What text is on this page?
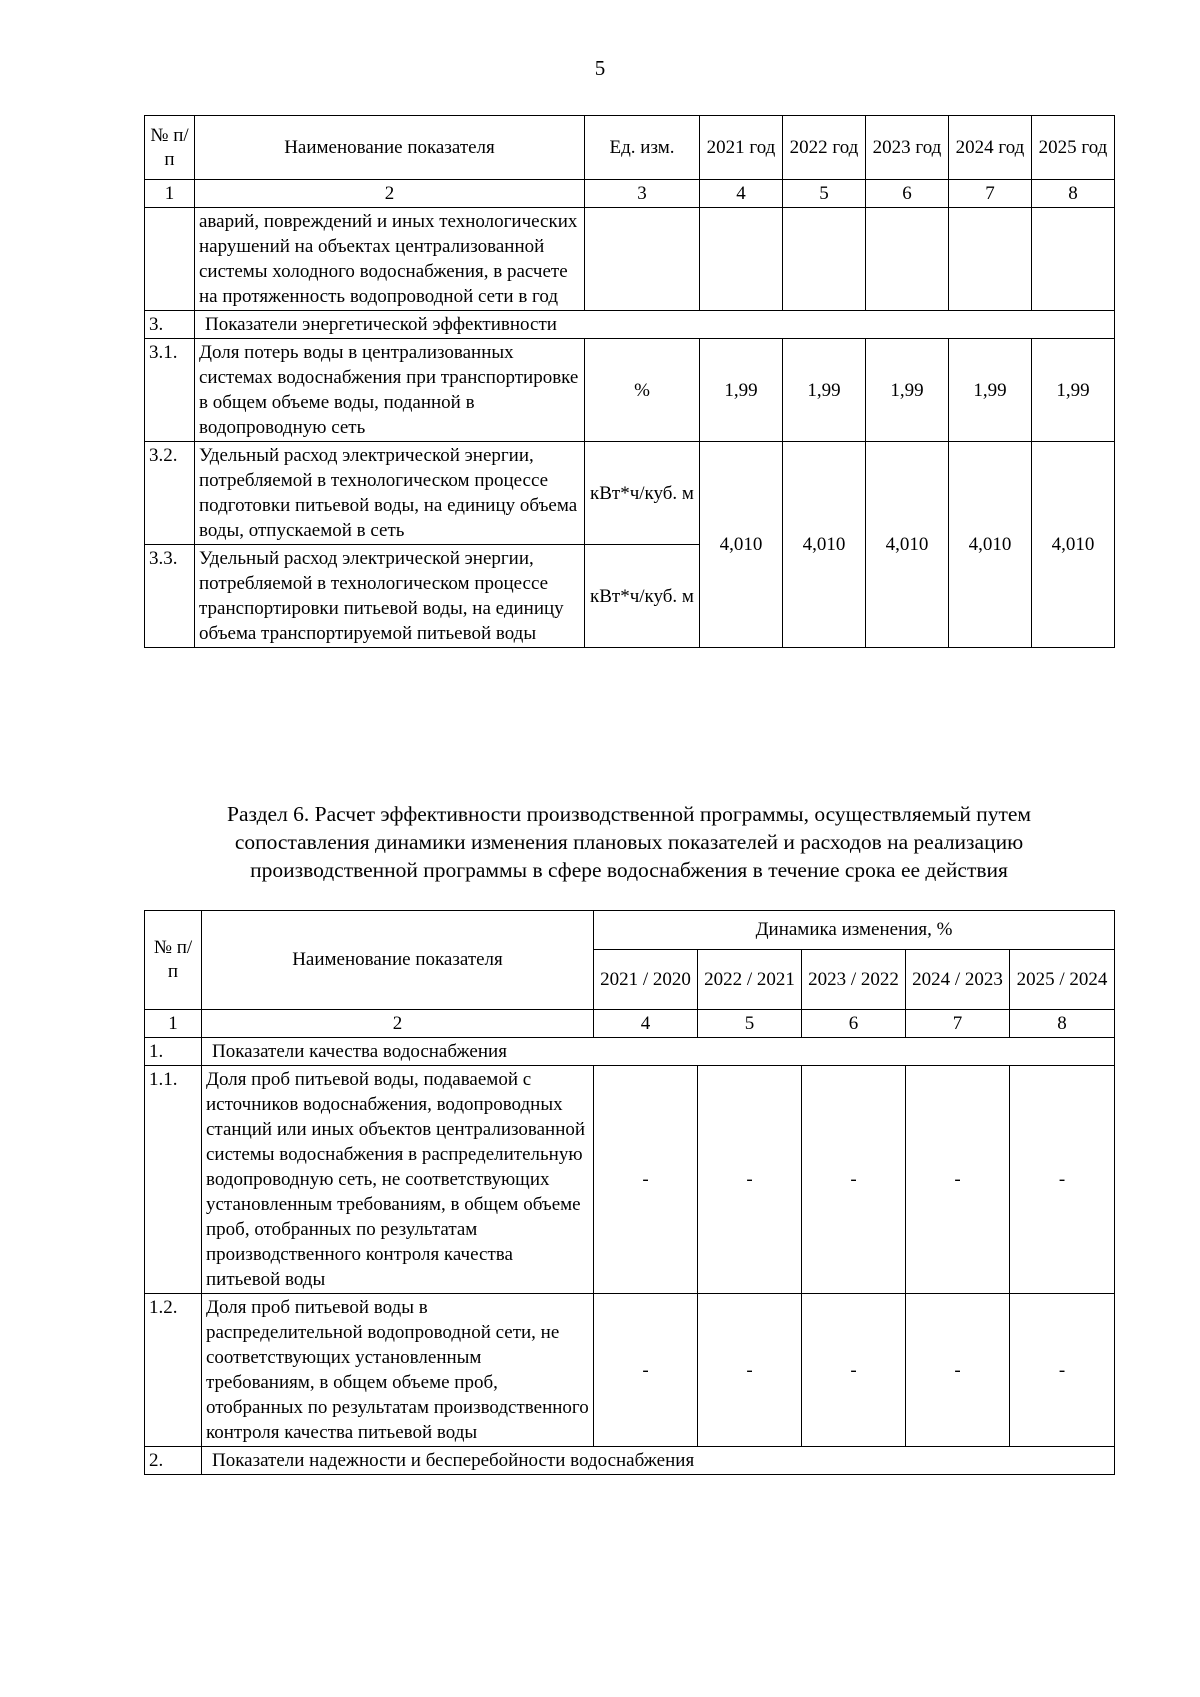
5
№ п/п	Наименование показателя	Ед. изм.	2021 год	2022 год	2023 год	2024 год	2025 год
1	2	3	4	5	6	7	8
	аварий, повреждений и иных технологических нарушений на объектах централизованной системы холодного водоснабжения, в расчете на протяженность водопроводной сети в год						
3.	Показатели энергетической эффективности						
3.1.	Доля потерь воды в централизованных системах водоснабжения при транспортировке в общем объеме воды, поданной в водопроводную сеть	%	1,99	1,99	1,99	1,99	1,99
3.2.	Удельный расход электрической энергии, потребляемой в технологическом процессе подготовки питьевой воды, на единицу объема воды, отпускаемой в сеть	кВт*ч/куб. м	4,010	4,010	4,010	4,010	4,010
3.3.	Удельный расход электрической энергии, потребляемой в технологическом процессе транспортировки питьевой воды, на единицу объема транспортируемой питьевой воды	кВт*ч/куб. м					
Раздел 6. Расчет эффективности производственной программы, осуществляемый путем
сопоставления динамики изменения плановых показателей и расходов на реализацию
производственной программы в сфере водоснабжения в течение срока ее действия
№ п/п	Наименование показателя	Динамика изменения, %				
		2021 / 2020	2022 / 2021	2023 / 2022	2024 / 2023	2025 / 2024
1	2	4	5	6	7	8
1.	Показатели качества водоснабжения					
1.1.	Доля проб питьевой воды, подаваемой с источников водоснабжения, водопроводных станций или иных объектов централизованной системы водоснабжения в распределительную водопроводную сеть, не соответствующих установленным требованиям, в общем объеме проб, отобранных по результатам производственного контроля качества питьевой воды	-	-	-	-	-
1.2.	Доля проб питьевой воды в распределительной водопроводной сети, не соответствующих установленным требованиям, в общем объеме проб, отобранных по результатам производственного контроля качества питьевой воды	-	-	-	-	-
2.	Показатели надежности и бесперебойности водоснабжения					
